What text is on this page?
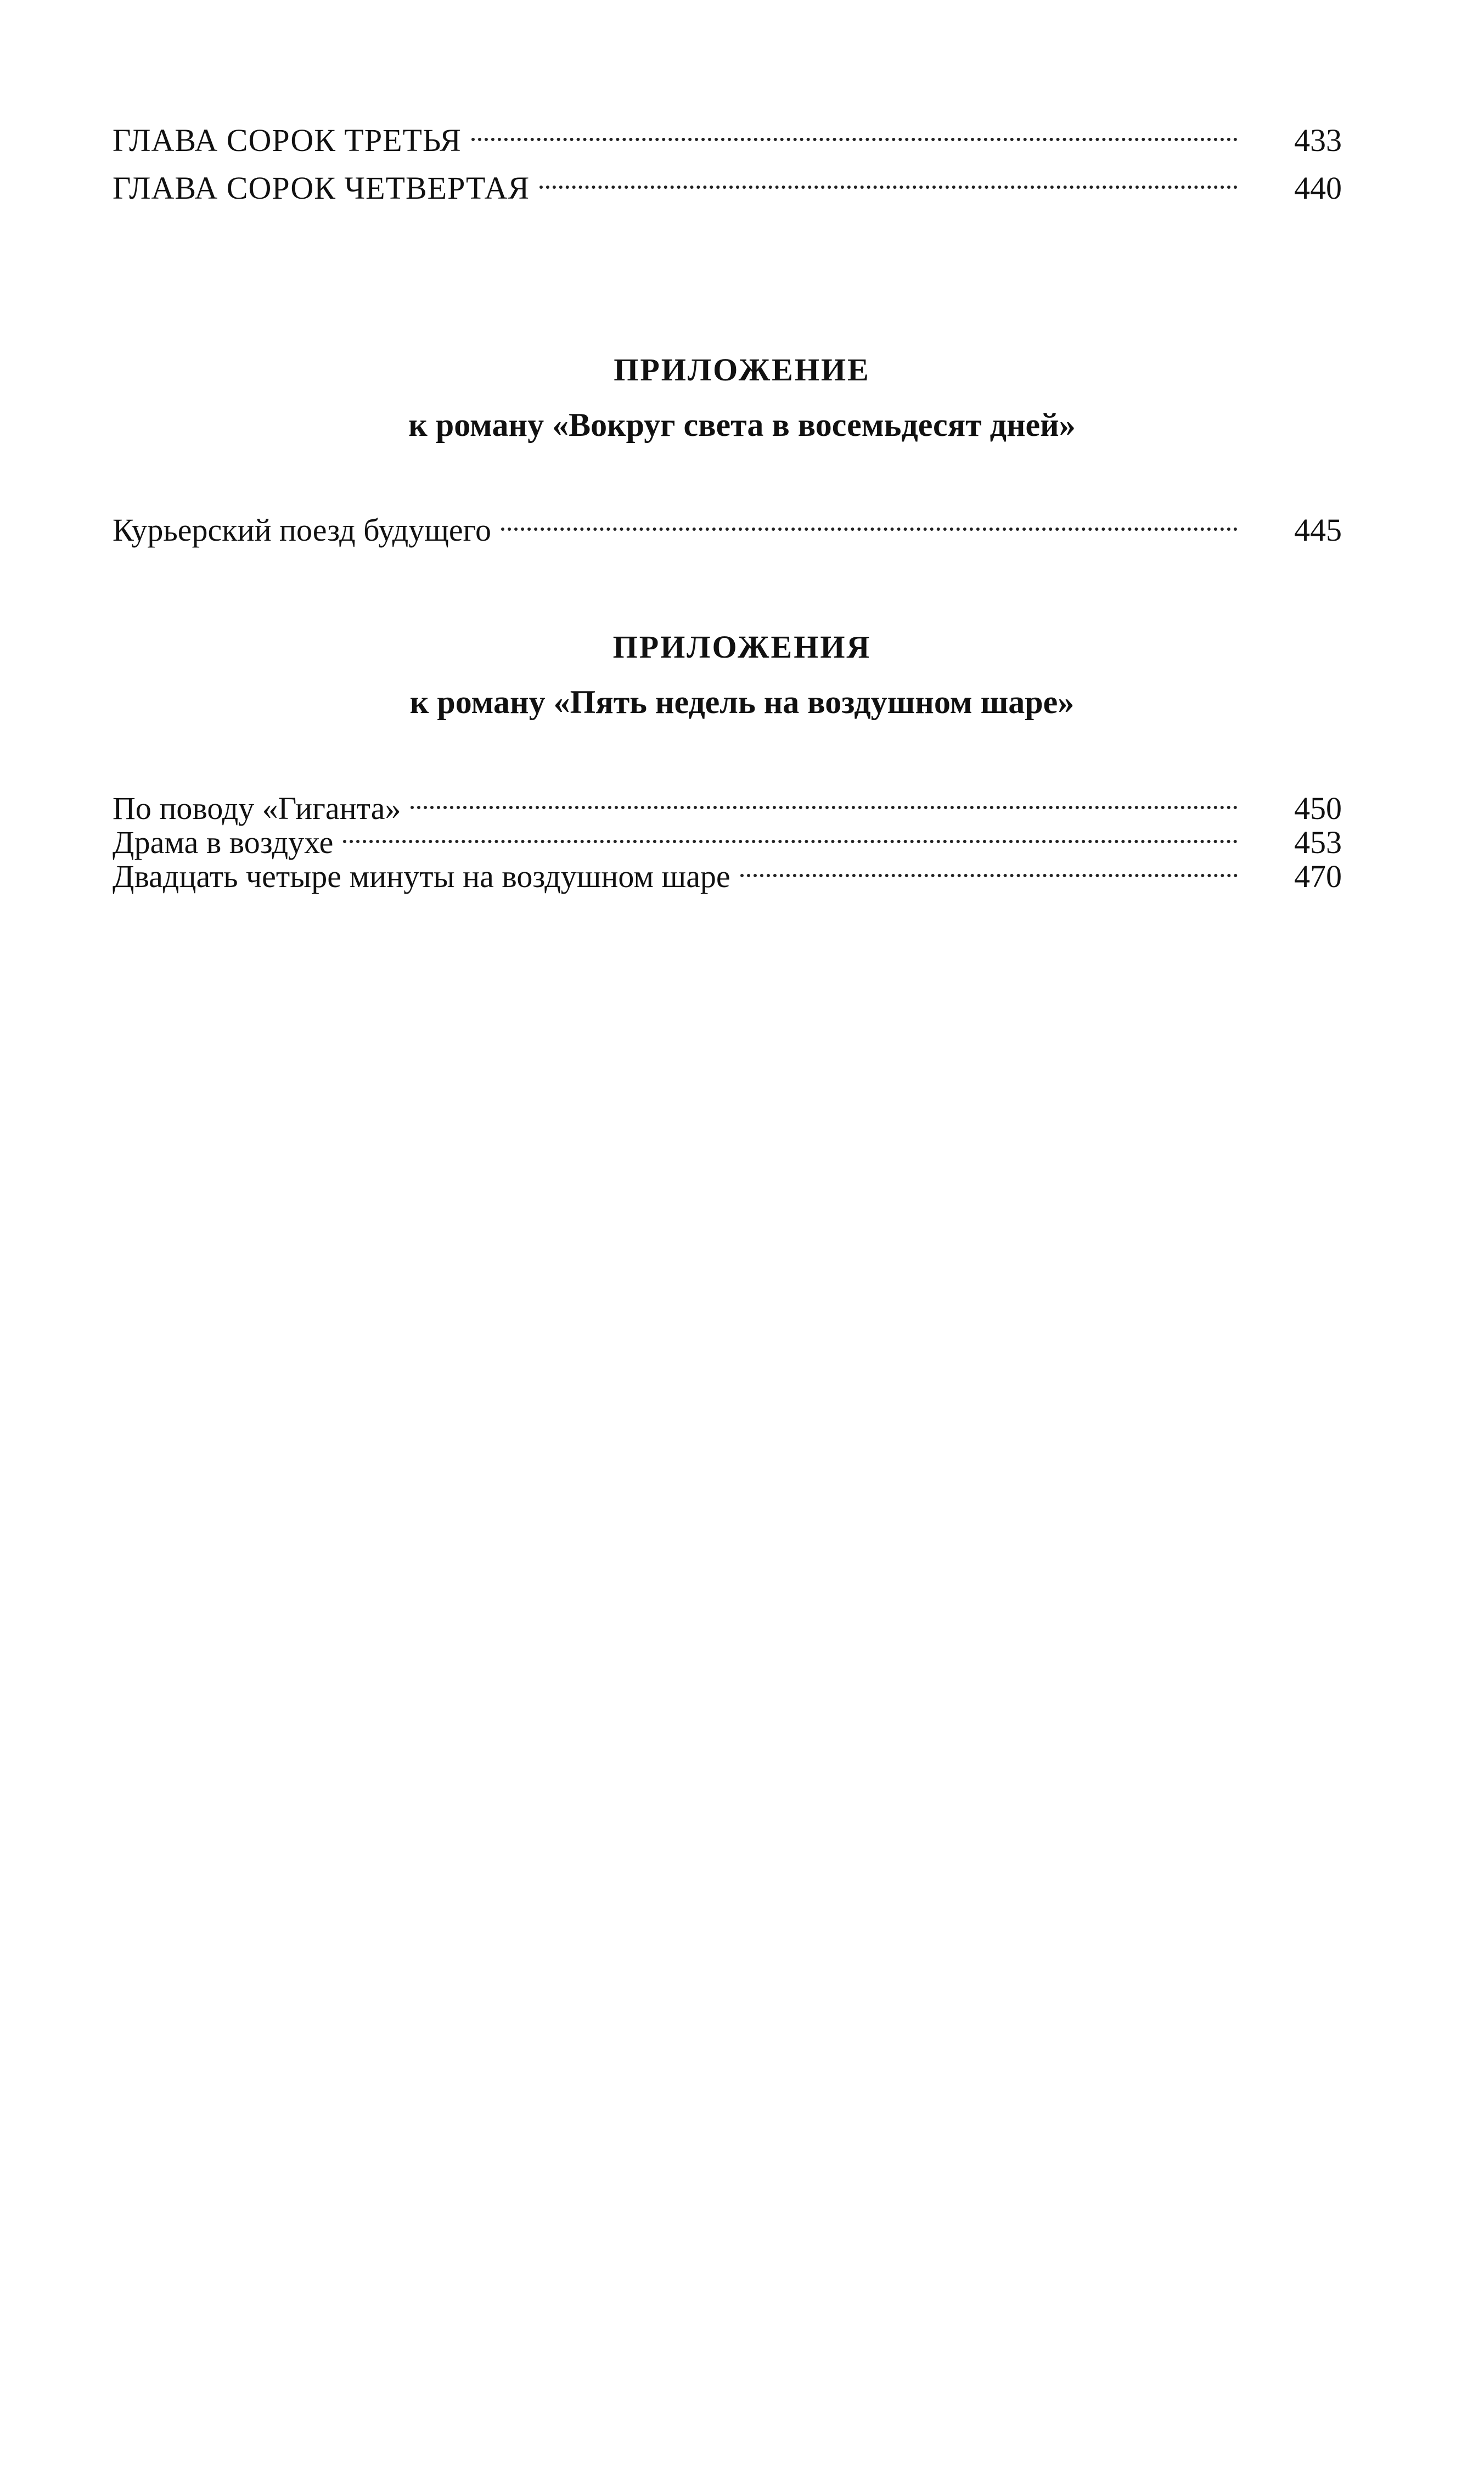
ГЛАВА СОРОК ТРЕТЬЯ	433
ГЛАВА СОРОК ЧЕТВЕРТАЯ	440
ПРИЛОЖЕНИЕ
к роману «Вокруг света в восемьдесят дней»
Курьерский поезд будущего	445
ПРИЛОЖЕНИЯ
к роману «Пять недель на воздушном шаре»
По поводу «Гиганта»	450
Драма в воздухе	453
Двадцать четыре минуты на воздушном шаре	470
